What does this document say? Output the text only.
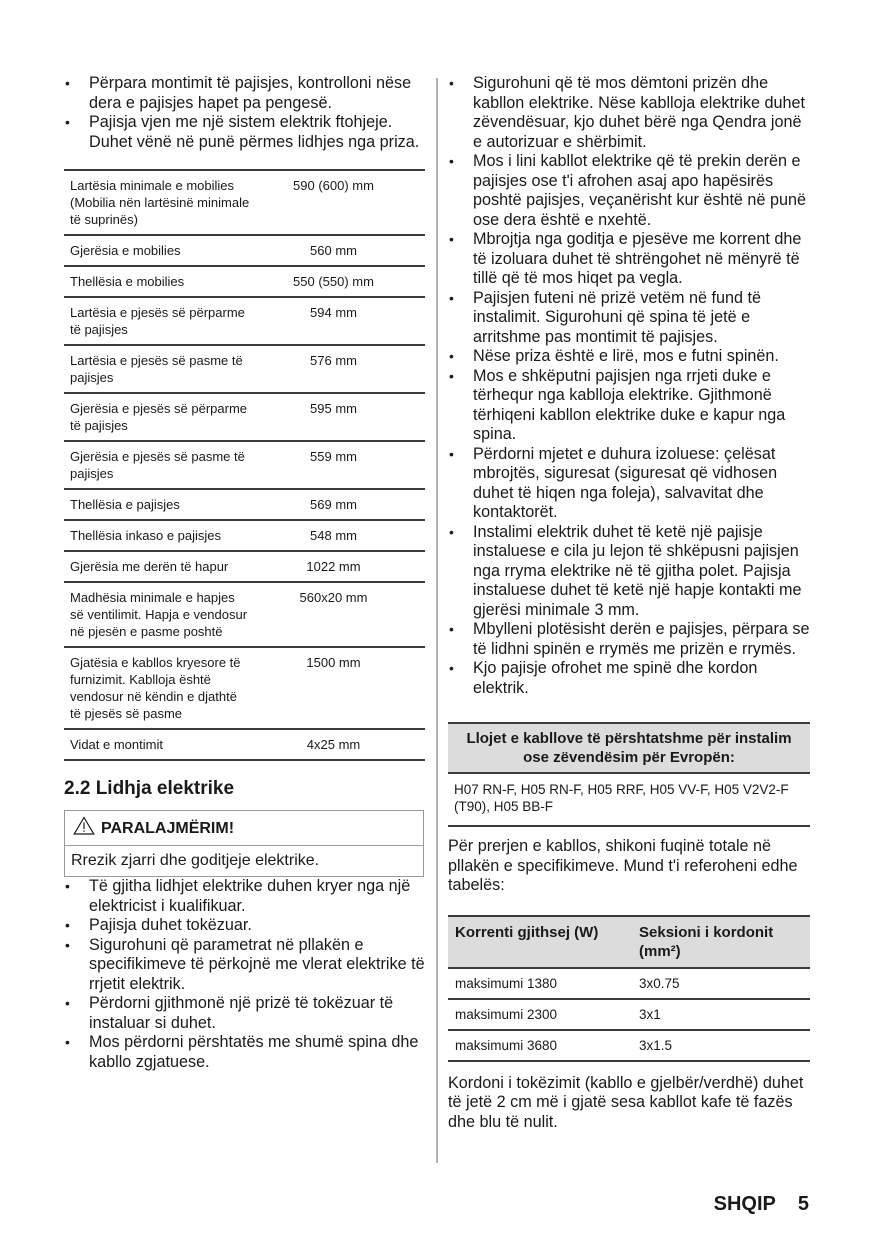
• Përpara montimit të pajisjes, kontrolloni nëse dera e pajisjes hapet pa pengesë.
• Pajisja vjen me një sistem elektrik ftohjeje. Duhet vënë në punë përmes lidhjes nga priza.
Lartësia minimale e mobilies (Mobilia nën lartësinë minimale të suprinës)	590 (600) mm
Gjerësia e mobilies	560 mm
Thellësia e mobilies	550 (550) mm
Lartësia e pjesës së përparme të pajisjes	594 mm
Lartësia e pjesës së pasme të pajisjes	576 mm
Gjerësia e pjesës së përparme të pajisjes	595 mm
Gjerësia e pjesës së pasme të pajisjes	559 mm
Thellësia e pajisjes	569 mm
Thellësia inkaso e pajisjes	548 mm
Gjerësia me derën të hapur	1022 mm
Madhësia minimale e hapjes së ventilimit. Hapja e vendosur në pjesën e pasme poshtë	560x20 mm
Gjatësia e kabllos kryesore të furnizimit. Kablloja është vendosur në këndin e djathtë të pjesës së pasme	1500 mm
Vidat e montimit	4x25 mm
2.2 Lidhja elektrike
PARALAJMËRIM!
Rrezik zjarri dhe goditjeje elektrike.
• Të gjitha lidhjet elektrike duhen kryer nga një elektricist i kualifikuar.
• Pajisja duhet tokëzuar.
• Sigurohuni që parametrat në pllakën e specifikimeve të përkojnë me vlerat elektrike të rrjetit elektrik.
• Përdorni gjithmonë një prizë të tokëzuar të instaluar si duhet.
• Mos përdorni përshtatës me shumë spina dhe kabllo zgjatuese.
• Sigurohuni që të mos dëmtoni prizën dhe kabllon elektrike. Nëse kablloja elektrike duhet zëvendësuar, kjo duhet bërë nga Qendra jonë e autorizuar e shërbimit.
• Mos i lini kabllot elektrike që të prekin derën e pajisjes ose t'i afrohen asaj apo hapësirës poshtë pajisjes, veçanërisht kur është në punë ose dera është e nxehtë.
• Mbrojtja nga goditja e pjesëve me korrent dhe të izoluara duhet të shtrëngohet në mënyrë të tillë që të mos hiqet pa vegla.
• Pajisjen futeni në prizë vetëm në fund të instalimit. Sigurohuni që spina të jetë e arritshme pas montimit të pajisjes.
• Nëse priza është e lirë, mos e futni spinën.
• Mos e shkëputni pajisjen nga rrjeti duke e tërhequr nga kablloja elektrike. Gjithmonë tërhiqeni kabllon elektrike duke e kapur nga spina.
• Përdorni mjetet e duhura izoluese: çelësat mbrojtës, siguresat (siguresat që vidhosen duhet të hiqen nga foleja), salvavitat dhe kontaktorët.
• Instalimi elektrik duhet të ketë një pajisje instaluese e cila ju lejon të shkëpusni pajisjen nga rryma elektrike në të gjitha polet. Pajisja instaluese duhet të ketë një hapje kontakti me gjerësi minimale 3 mm.
• Mbylleni plotësisht derën e pajisjes, përpara se të lidhni spinën e rrymës me prizën e rrymës.
• Kjo pajisje ofrohet me spinë dhe kordon elektrik.
Llojet e kabllove të përshtatshme për instalim ose zëvendësim për Evropën:
H07 RN-F, H05 RN-F, H05 RRF, H05 VV-F, H05 V2V2-F (T90), H05 BB-F

Për prerjen e kabllos, shikoni fuqinë totale në pllakën e specifikimeve. Mund t'i referoheni edhe tabelës:

Korrenti gjithsej (W)	Seksioni i kordonit (mm²)
maksimumi 1380	3x0.75
maksimumi 2300	3x1
maksimumi 3680	3x1.5

Kordoni i tokëzimit (kabllo e gjelbër/verdhë) duhet të jetë 2 cm më i gjatë sesa kabllot kafe të fazës dhe blu të nulit.

SHQIP 5
